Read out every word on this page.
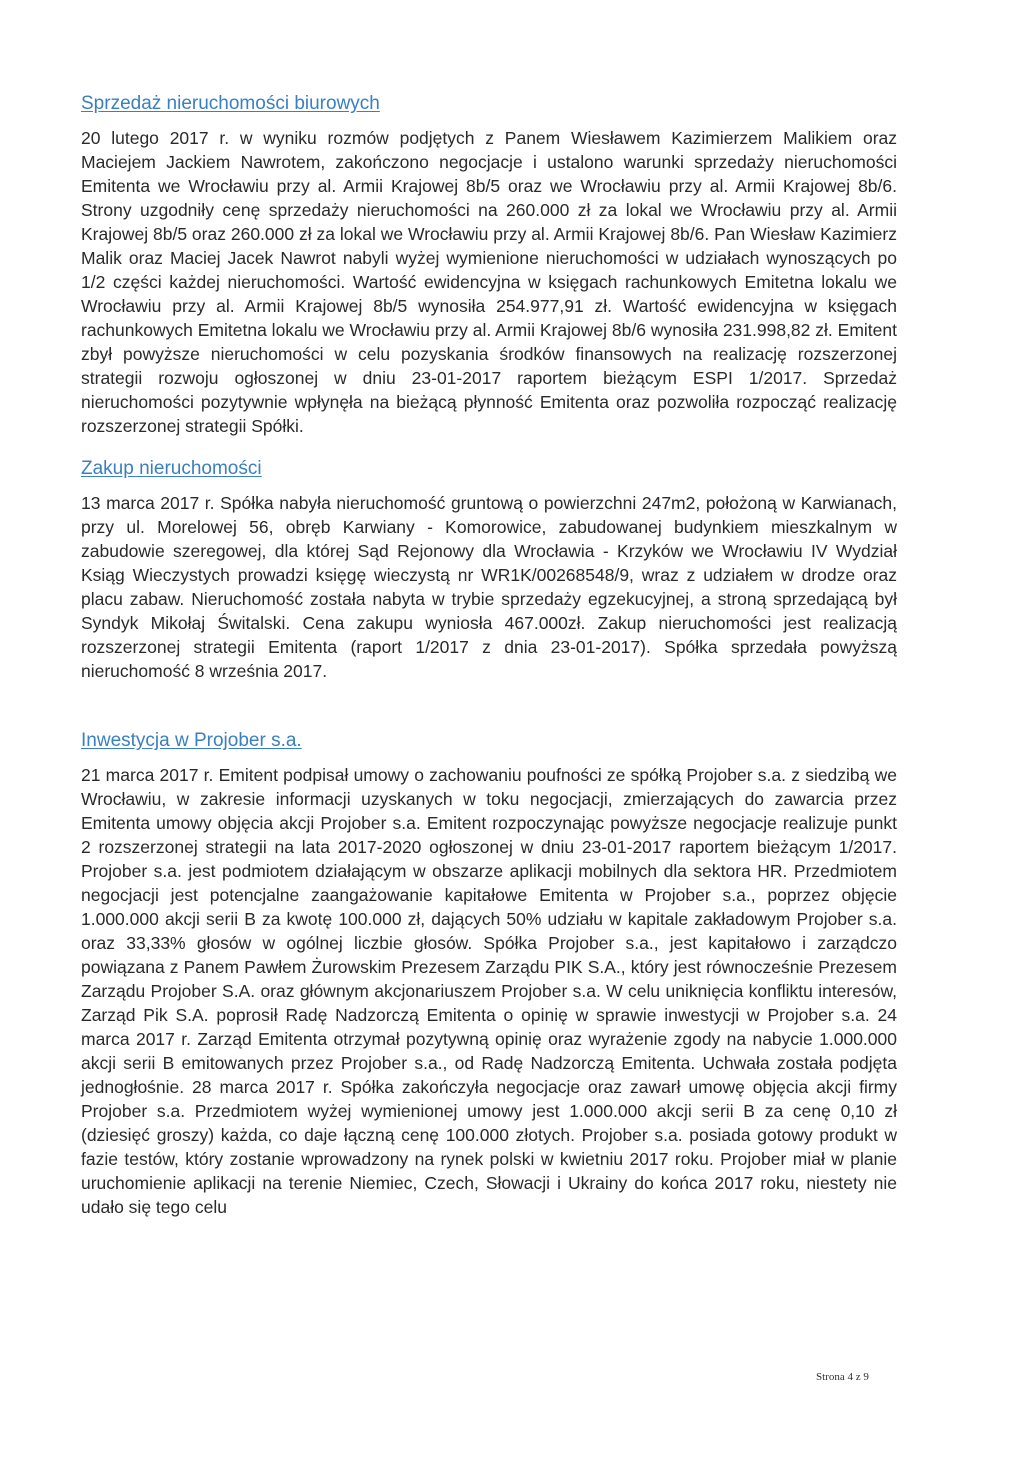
Sprzedaż nieruchomości biurowych

20 lutego 2017 r. w wyniku rozmów podjętych z Panem Wiesławem Kazimierzem Malikiem oraz Maciejem Jackiem Nawrotem, zakończono negocjacje i ustalono warunki sprzedaży nieruchomości Emitenta we Wrocławiu przy al. Armii Krajowej 8b/5 oraz we Wrocławiu przy al. Armii Krajowej 8b/6. Strony uzgodniły cenę sprzedaży nieruchomości na 260.000 zł za lokal we Wrocławiu przy al. Armii Krajowej 8b/5 oraz 260.000 zł za lokal we Wrocławiu przy al. Armii Krajowej 8b/6. Pan Wiesław Kazimierz Malik oraz Maciej Jacek Nawrot nabyli wyżej wymienione nieruchomości w udziałach wynoszących po 1/2 części każdej nieruchomości. Wartość ewidencyjna w księgach rachunkowych Emitetna lokalu we Wrocławiu przy al. Armii Krajowej 8b/5 wynosiła 254.977,91 zł. Wartość ewidencyjna w księgach rachunkowych Emitetna lokalu we Wrocławiu przy al. Armii Krajowej 8b/6 wynosiła 231.998,82 zł. Emitent zbył powyższe nieruchomości w celu pozyskania środków finansowych na realizację rozszerzonej strategii rozwoju ogłoszonej w dniu 23-01-2017 raportem bieżącym ESPI 1/2017. Sprzedaż nieruchomości pozytywnie wpłynęła na bieżącą płynność Emitenta oraz pozwoliła rozpocząć realizację rozszerzonej strategii Spółki.

Zakup nieruchomości

13 marca 2017 r. Spółka nabyła nieruchomość gruntową o powierzchni 247m2, położoną w Karwianach, przy ul. Morelowej 56, obręb Karwiany - Komorowice, zabudowanej budynkiem mieszkalnym w zabudowie szeregowej, dla której Sąd Rejonowy dla Wrocławia - Krzyków we Wrocławiu IV Wydział Ksiąg Wieczystych prowadzi księgę wieczystą nr WR1K/00268548/9, wraz z udziałem w drodze oraz placu zabaw. Nieruchomość została nabyta w trybie sprzedaży egzekucyjnej, a stroną sprzedającą był Syndyk Mikołaj Świtalski. Cena zakupu wyniosła 467.000zł. Zakup nieruchomości jest realizacją rozszerzonej strategii Emitenta (raport 1/2017 z dnia 23-01-2017). Spółka sprzedała powyższą nieruchomość 8 września 2017.

Inwestycja w Projober s.a.

21 marca 2017 r. Emitent podpisał umowy o zachowaniu poufności ze spółką Projober s.a. z siedzibą we Wrocławiu, w zakresie informacji uzyskanych w toku negocjacji, zmierzających do zawarcia przez Emitenta umowy objęcia akcji Projober s.a. Emitent rozpoczynając powyższe negocjacje realizuje punkt 2 rozszerzonej strategii na lata 2017-2020 ogłoszonej w dniu 23-01-2017 raportem bieżącym 1/2017. Projober s.a. jest podmiotem działającym w obszarze aplikacji mobilnych dla sektora HR. Przedmiotem negocjacji jest potencjalne zaangażowanie kapitałowe Emitenta w Projober s.a., poprzez objęcie 1.000.000 akcji serii B za kwotę 100.000 zł, dających 50% udziału w kapitale zakładowym Projober s.a. oraz 33,33% głosów w ogólnej liczbie głosów. Spółka Projober s.a., jest kapitałowo i zarządczo powiązana z Panem Pawłem Żurowskim Prezesem Zarządu PIK S.A., który jest równocześnie Prezesem Zarządu Projober S.A. oraz głównym akcjonariuszem Projober s.a. W celu uniknięcia konfliktu interesów, Zarząd Pik S.A. poprosił Radę Nadzorczą Emitenta o opinię w sprawie inwestycji w Projober s.a. 24 marca 2017 r. Zarząd Emitenta otrzymał pozytywną opinię oraz wyrażenie zgody na nabycie 1.000.000 akcji serii B emitowanych przez Projober s.a., od Radę Nadzorczą Emitenta. Uchwała została podjęta jednogłośnie. 28 marca 2017 r. Spółka zakończyła negocjacje oraz zawarł umowę objęcia akcji firmy Projober s.a. Przedmiotem wyżej wymienionej umowy jest 1.000.000 akcji serii B za cenę 0,10 zł (dziesięć groszy) każda, co daje łączną cenę 100.000 złotych. Projober s.a. posiada gotowy produkt w fazie testów, który zostanie wprowadzony na rynek polski w kwietniu 2017 roku. Projober miał w planie uruchomienie aplikacji na terenie Niemiec, Czech, Słowacji i Ukrainy do końca 2017 roku, niestety nie udało się tego celu

Strona 4 z 9
